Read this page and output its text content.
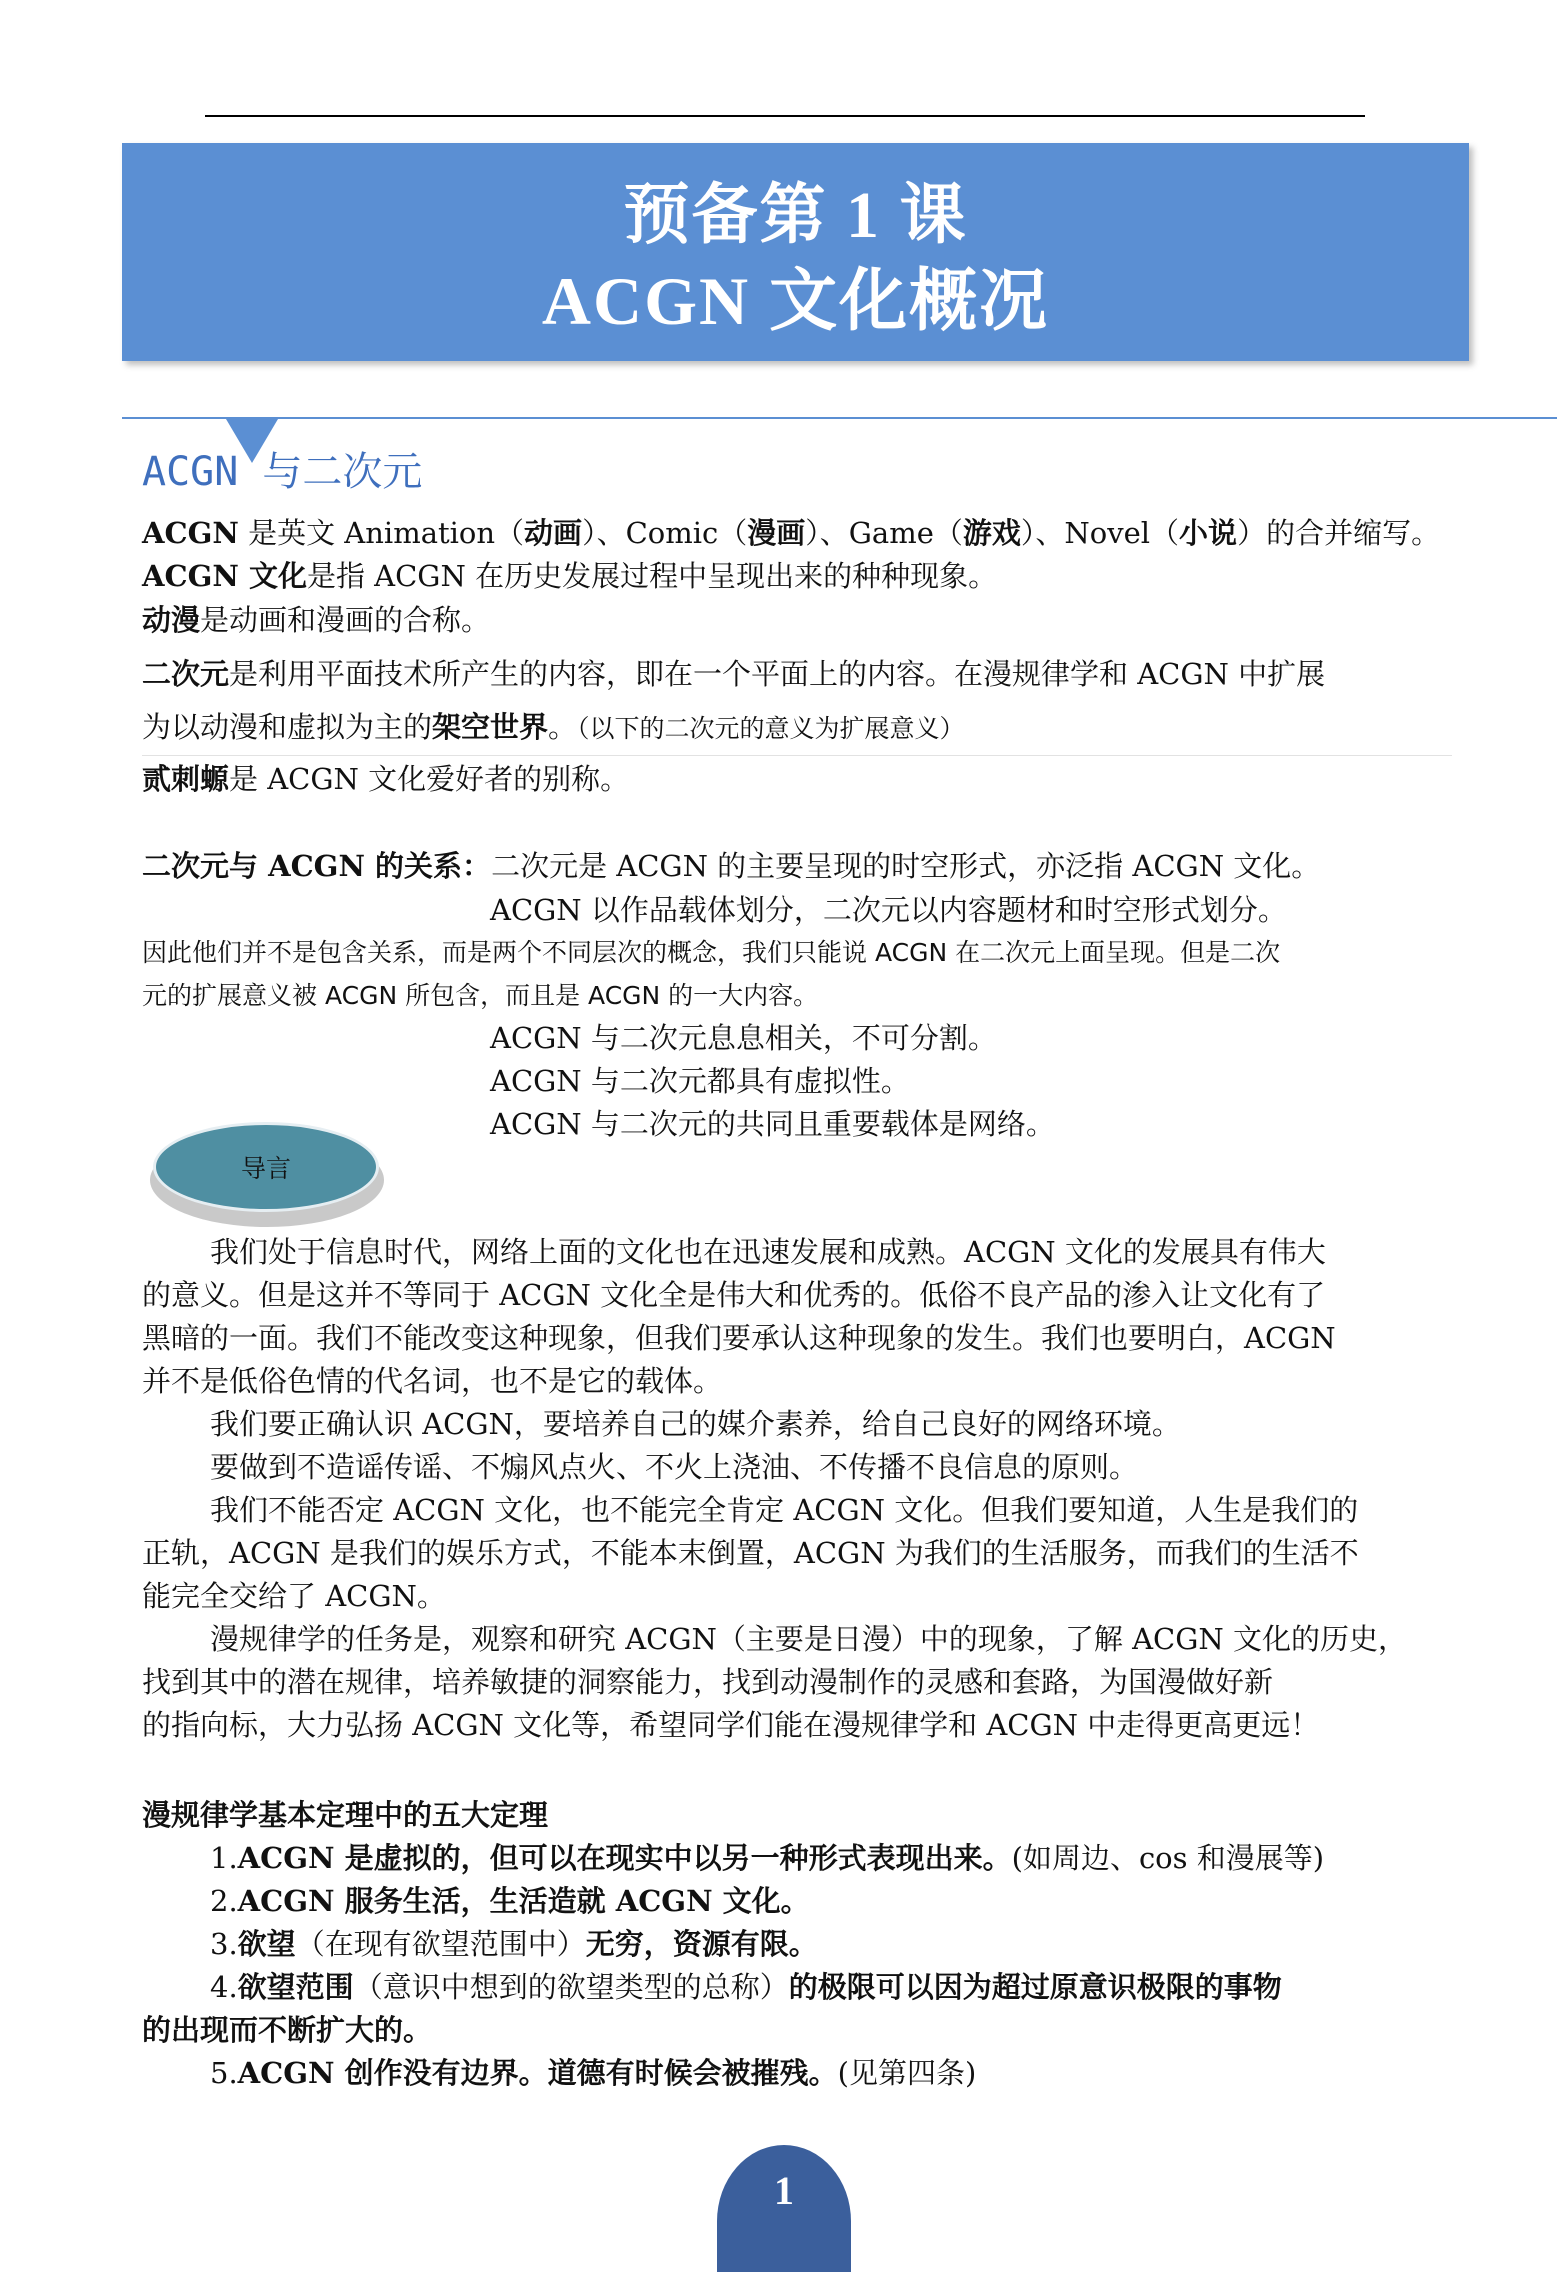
预备第 1 课
ACGN 文化概况
ACGN 与二次元
ACGN 是英文 Animation（动画）、Comic（漫画）、Game（游戏）、Novel（小说）的合并缩写。
ACGN 文化是指 ACGN 在历史发展过程中呈现出来的种种现象。
动漫是动画和漫画的合称。
二次元是利用平面技术所产生的内容，即在一个平面上的内容。在漫规律学和 ACGN 中扩展
为以动漫和虚拟为主的架空世界。（以下的二次元的意义为扩展意义）
贰刺螈是 ACGN 文化爱好者的别称。
二次元与 ACGN 的关系：二次元是 ACGN 的主要呈现的时空形式，亦泛指 ACGN 文化。
ACGN 以作品载体划分，二次元以内容题材和时空形式划分。
因此他们并不是包含关系，而是两个不同层次的概念，我们只能说 ACGN 在二次元上面呈现。但是二次
元的扩展意义被 ACGN 所包含，而且是 ACGN 的一大内容。
ACGN 与二次元息息相关，不可分割。
ACGN 与二次元都具有虚拟性。
ACGN 与二次元的共同且重要载体是网络。
导言
我们处于信息时代，网络上面的文化也在迅速发展和成熟。ACGN 文化的发展具有伟大
的意义。但是这并不等同于 ACGN 文化全是伟大和优秀的。低俗不良产品的渗入让文化有了
黑暗的一面。我们不能改变这种现象，但我们要承认这种现象的发生。我们也要明白，ACGN
并不是低俗色情的代名词，也不是它的载体。
我们要正确认识 ACGN，要培养自己的媒介素养，给自己良好的网络环境。
要做到不造谣传谣、不煽风点火、不火上浇油、不传播不良信息的原则。
我们不能否定 ACGN 文化，也不能完全肯定 ACGN 文化。但我们要知道，人生是我们的
正轨，ACGN 是我们的娱乐方式，不能本末倒置，ACGN 为我们的生活服务，而我们的生活不
能完全交给了 ACGN。
漫规律学的任务是，观察和研究 ACGN（主要是日漫）中的现象，了解 ACGN 文化的历史，
找到其中的潜在规律，培养敏捷的洞察能力，找到动漫制作的灵感和套路，为国漫做好新
的指向标，大力弘扬 ACGN 文化等，希望同学们能在漫规律学和 ACGN 中走得更高更远！
漫规律学基本定理中的五大定理
1.ACGN 是虚拟的，但可以在现实中以另一种形式表现出来。(如周边、cos 和漫展等)
2.ACGN 服务生活，生活造就 ACGN 文化。
3.欲望（在现有欲望范围中）无穷，资源有限。
4.欲望范围（意识中想到的欲望类型的总称）的极限可以因为超过原意识极限的事物
的出现而不断扩大的。
5.ACGN 创作没有边界。道德有时候会被摧残。(见第四条)
1
